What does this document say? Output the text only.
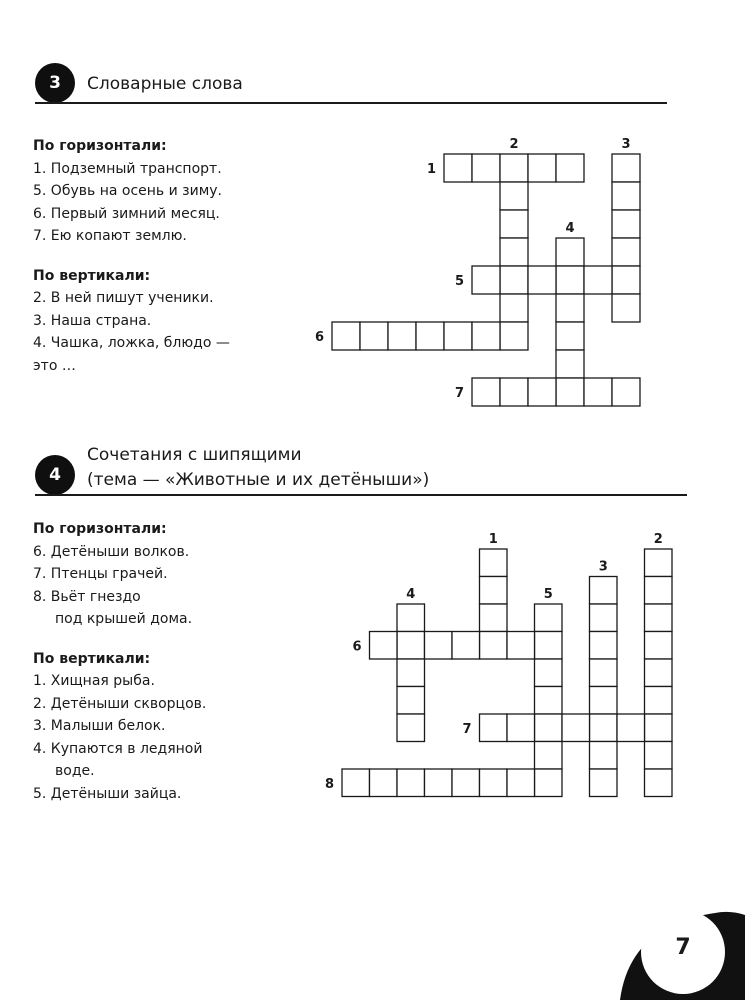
3	Словарные слова
По горизонтали:
1. Подземный транспорт.
5. Обувь на осень и зиму.
6. Первый зимний месяц.
7. Ею копают землю.
По вертикали:
2. В ней пишут ученики.
3. Наша страна.
4. Чашка, ложка, блюдо —
это …
1
2	3
4
5
6
7
4
Сочетания с шипящими
(тема — «Животные и их детёныши»)
По горизонтали:
6. Детёныши волков.
7. Птенцы грачей.
8. Вьёт гнездо
под крышей дома.
По вертикали:
1. Хищная рыба.
2. Детёныши скворцов.
3. Малыши белок.
4. Купаются в ледяной
воде.
5. Детёныши зайца.
1	2
3
4	5
6
7
8
7
